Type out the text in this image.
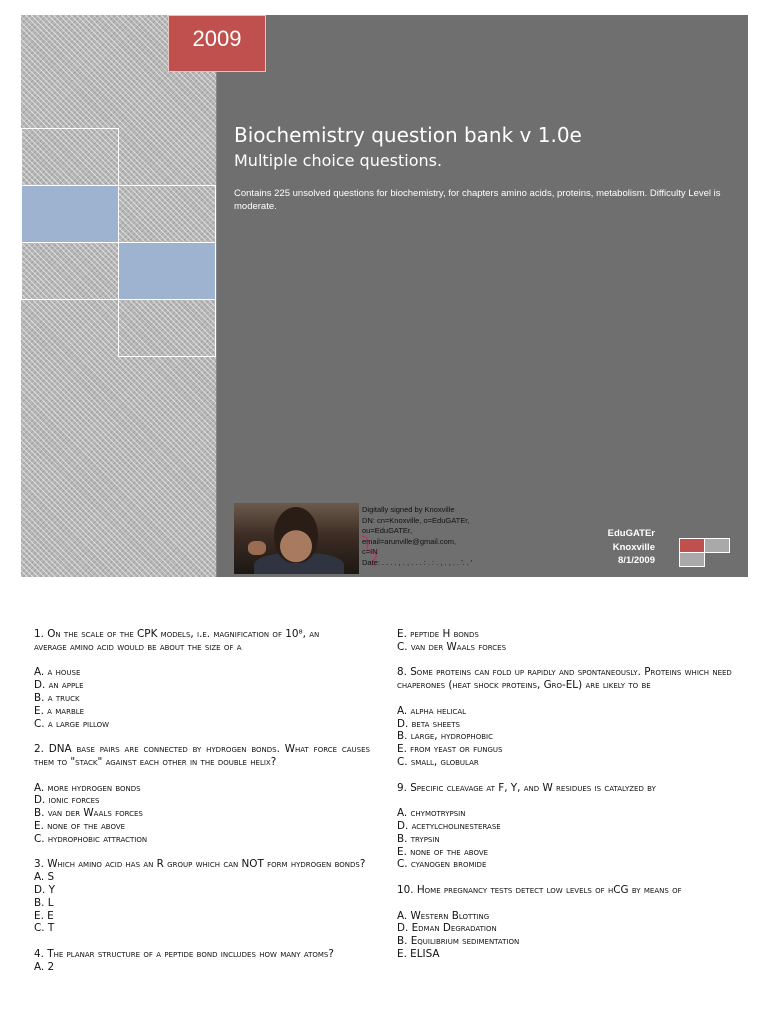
2009
Biochemistry question bank v 1.0e
Multiple choice questions.
Contains 225 unsolved questions for biochemistry, for chapters amino acids, proteins, metabolism. Difficulty Level is moderate.
Digitally signed by Knoxville
DN: cn=Knoxville, o=EduGATEr,
ou=EduGATEr,
email=arunville@gmail.com,
c=IN
Date: . . . . , . , . . . : . : . , . , . . '. . '
EduGATEr
Knoxville
8/1/2009

1. On the scale of the CPK models, i.e. magnification of 10⁸, an

average amino acid would be about the size of a

A. a house
D. an apple
B. a truck
E. a marble
C. a large pillow

2. DNA base pairs are connected by hydrogen bonds. What force causes them to "stack" against each other in the double helix?

A. more hydrogen bonds
D. ionic forces
B. van der Waals forces
E. none of the above
C. hydrophobic attraction

3. Which amino acid has an R group which can NOT form hydrogen bonds?

A. S
D. Y
B. L
E. E
C. T

4. The planar structure of a peptide bond includes how many atoms?

A. 2
E. peptide H bonds
C. van der Waals forces

8. Some proteins can fold up rapidly and spontaneously. Proteins which need

chaperones (heat shock proteins, Gro-EL) are likely to be

A. alpha helical
D. beta sheets
B. large, hydrophobic
E. from yeast or fungus
C. small, globular

9. Specific cleavage at F, Y, and W residues is catalyzed by

A. chymotrypsin
D. acetylcholinesterase
B. trypsin
E. none of the above
C. cyanogen bromide

10. Home pregnancy tests detect low levels of hCG by means of

A. Western Blotting
D. Edman Degradation
B. Equilibrium sedimentation
E. ELISA
